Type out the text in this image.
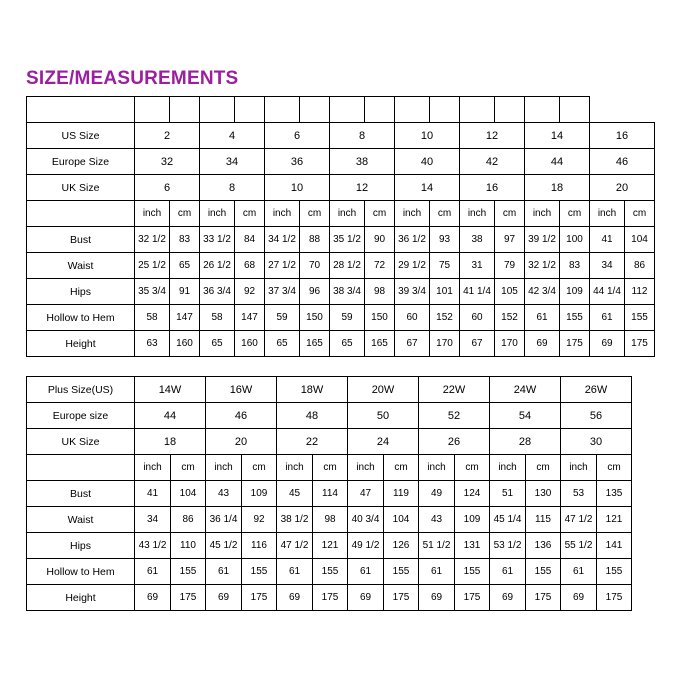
SIZE/MEASUREMENTS

US Size	2		4		6		8		10		12		14		16	
Europe Size	32		34		36		38		40		42		44		46	
UK Size	6		8		10		12		14		16		18		20	
	inch	cm	inch	cm	inch	cm	inch	cm	inch	cm	inch	cm	inch	cm	inch	cm
Bust	32 1/2	83	33 1/2	84	34 1/2	88	35 1/2	90	36 1/2	93	38	97	39 1/2	100	41	104
Waist	25 1/2	65	26 1/2	68	27 1/2	70	28 1/2	72	29 1/2	75	31	79	32 1/2	83	34	86
Hips	35 3/4	91	36 3/4	92	37 3/4	96	38 3/4	98	39 3/4	101	41 1/4	105	42 3/4	109	44 1/4	112
Hollow to Hem	58	147	58	147	59	150	59	150	60	152	60	152	61	155	61	155
Height	63	160	65	160	65	165	65	165	67	170	67	170	69	175	69	175
Plus Size(US)	14W		16W		18W		20W		22W		24W		26W	
Europe size	44		46		48		50		52		54		56	
UK Size	18		20		22		24		26		28		30	
	inch	cm	inch	cm	inch	cm	inch	cm	inch	cm	inch	cm	inch	cm
Bust	41	104	43	109	45	114	47	119	49	124	51	130	53	135
Waist	34	86	36 1/4	92	38 1/2	98	40 3/4	104	43	109	45 1/4	115	47 1/2	121
Hips	43 1/2	110	45 1/2	116	47 1/2	121	49 1/2	126	51 1/2	131	53 1/2	136	55 1/2	141
Hollow to Hem	61	155	61	155	61	155	61	155	61	155	61	155	61	155
Height	69	175	69	175	69	175	69	175	69	175	69	175	69	175
